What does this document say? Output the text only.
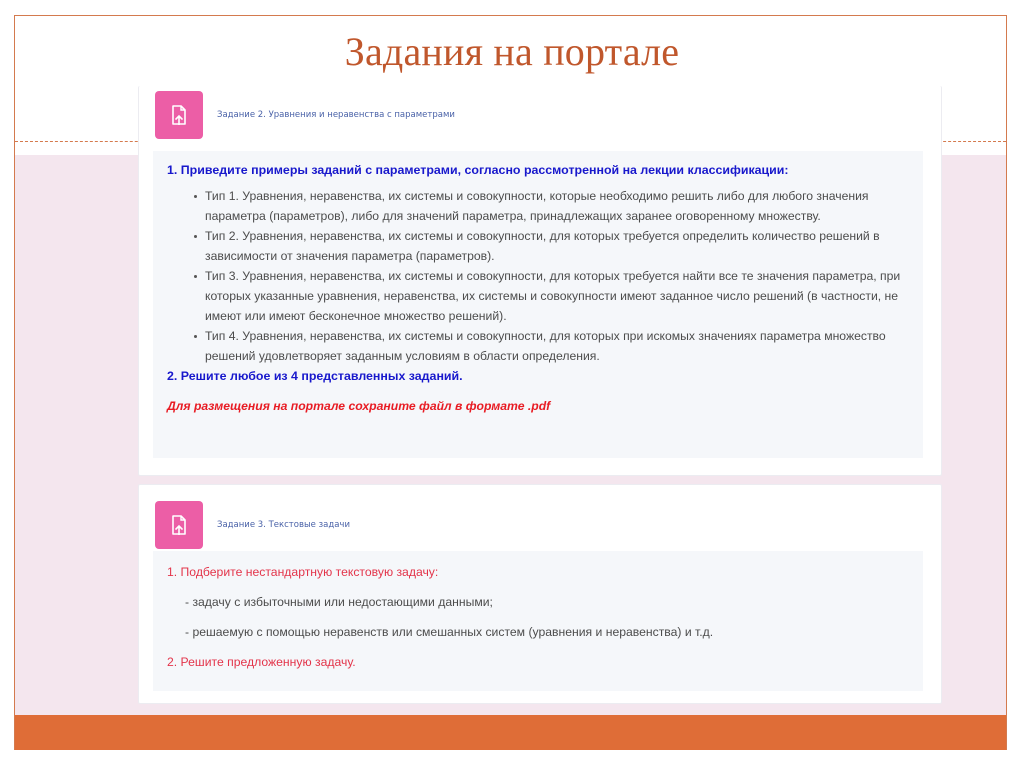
Задания на портале
Задание 2. Уравнения и неравенства с параметрами
1. Приведите примеры заданий с параметрами, согласно рассмотренной на лекции классификации:
Тип 1. Уравнения, неравенства, их системы и совокупности, которые необходимо решить либо для любого значения параметра (параметров), либо для значений параметра, принадлежащих заранее оговоренному множеству.
Тип 2. Уравнения, неравенства, их системы и совокупности, для которых требуется определить количество решений в зависимости от значения параметра (параметров).
Тип 3. Уравнения, неравенства, их системы и совокупности, для которых требуется найти все те значения параметра, при которых указанные уравнения, неравенства, их системы и совокупности имеют заданное число решений (в частности, не имеют или имеют бесконечное множество решений).
Тип 4. Уравнения, неравенства, их системы и совокупности, для которых при искомых значениях параметра множество решений удовлетворяет заданным условиям в области определения.
2. Решите любое из 4 представленных заданий.
Для размещения на портале сохраните файл в формате .pdf
Задание 3. Текстовые задачи
1. Подберите нестандартную текстовую задачу:
- задачу с избыточными или недостающими данными;
- решаемую с помощью неравенств или смешанных систем (уравнения и неравенства) и т.д.
2. Решите предложенную задачу.
